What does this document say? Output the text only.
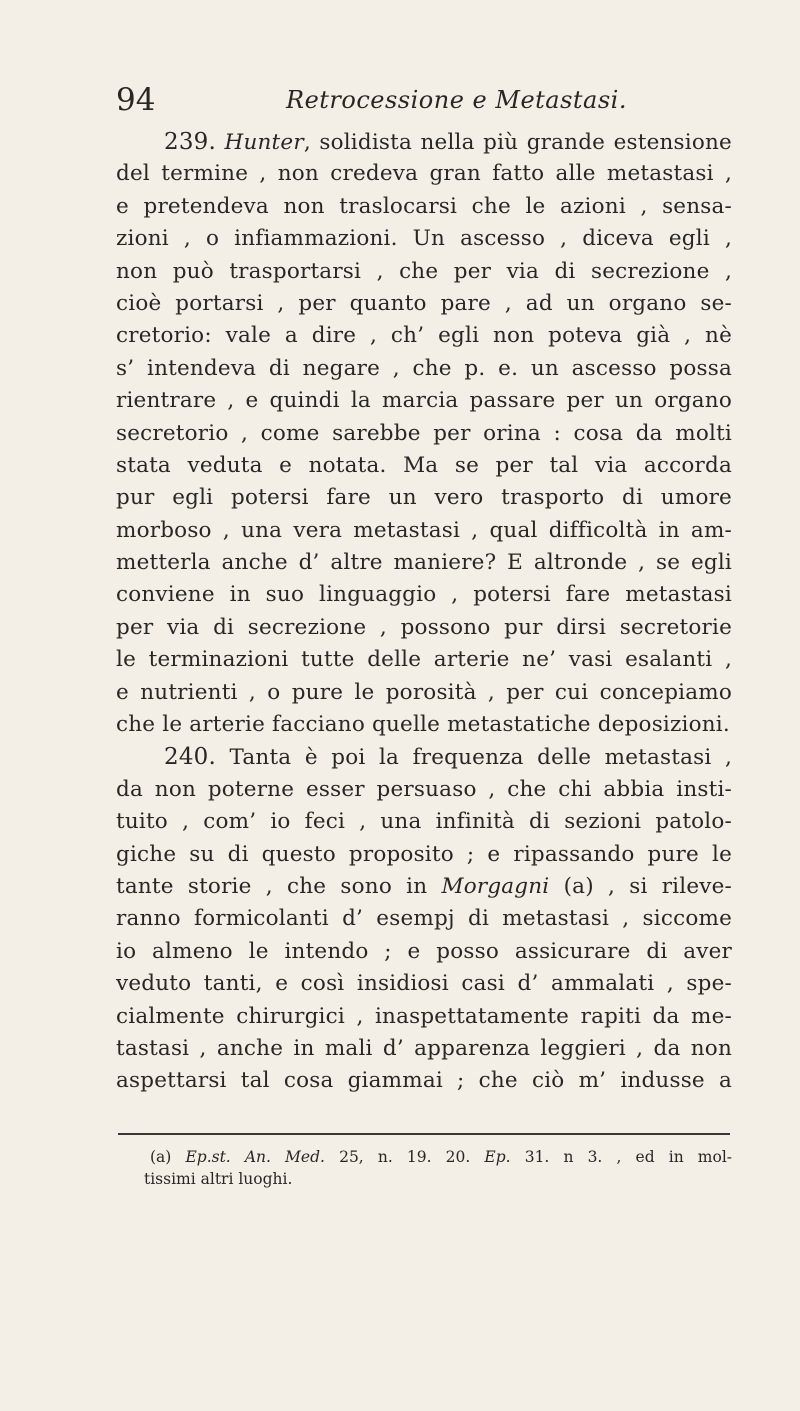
94	Retrocessione e Metastasi.
239. Hunter, solidista nella più grande estensione
del termine , non credeva gran fatto alle metastasi ,
e pretendeva non traslocarsi che le azioni , sensa-
zioni , o infiammazioni. Un ascesso , diceva egli ,
non può trasportarsi , che per via di secrezione ,
cioè portarsi , per quanto pare , ad un organo se-
cretorio: vale a dire , ch’ egli non poteva già , nè
s’ intendeva di negare , che p. e. un ascesso possa
rientrare , e quindi la marcia passare per un organo
secretorio , come sarebbe per orina : cosa da molti
stata veduta e notata. Ma se per tal via accorda
pur egli potersi fare un vero trasporto di umore
morboso , una vera metastasi , qual difficoltà in am-
metterla anche d’ altre maniere? E altronde , se egli
conviene in suo linguaggio , potersi fare metastasi
per via di secrezione , possono pur dirsi secretorie
le terminazioni tutte delle arterie ne’ vasi esalanti ,
e nutrienti , o pure le porosità , per cui concepiamo
che le arterie facciano quelle metastatiche deposizioni.
240. Tanta è poi la frequenza delle metastasi ,
da non poterne esser persuaso , che chi abbia insti-
tuito , com’ io feci , una infinità di sezioni patolo-
giche su di questo proposito ; e ripassando pure le
tante storie , che sono in Morgagni (a) , si rileve-
ranno formicolanti d’ esempj di metastasi , siccome
io almeno le intendo ; e posso assicurare di aver
veduto tanti, e così insidiosi casi d’ ammalati , spe-
cialmente chirurgici , inaspettatamente rapiti da me-
tastasi , anche in mali d’ apparenza leggieri , da non
aspettarsi tal cosa giammai ; che ciò m’ indusse a
(a) Ep.st. An. Med. 25, n. 19. 20. Ep. 31. n 3. , ed in mol-
tissimi altri luoghi.
